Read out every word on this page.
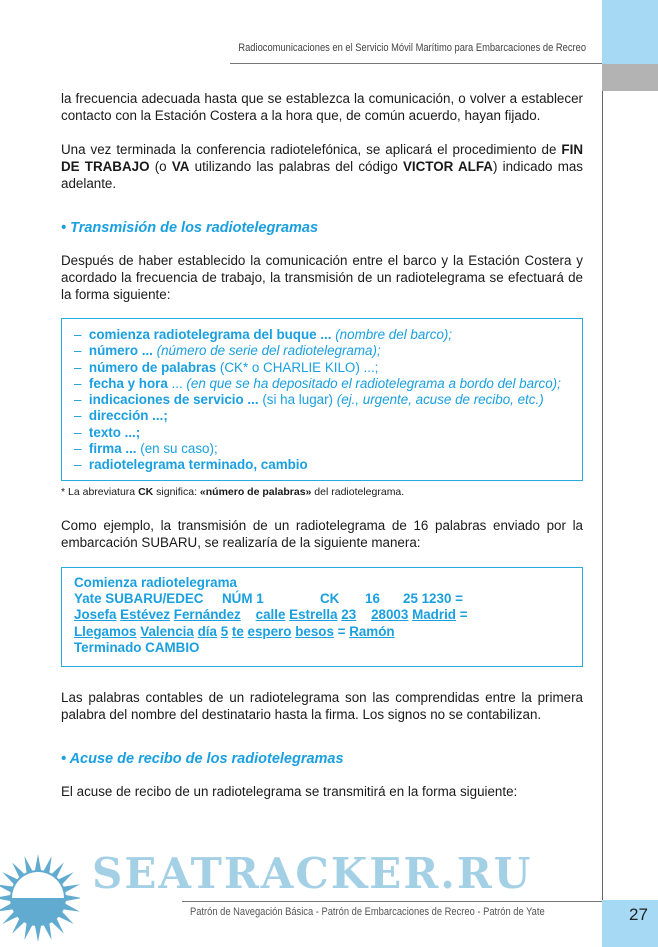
Radiocomunicaciones en el Servicio Móvil Marítimo para Embarcaciones de Recreo
la frecuencia adecuada hasta que se establezca la comunicación, o volver a establecer contacto con la Estación Costera a la hora que, de común acuerdo, hayan fijado.
Una vez terminada la conferencia radiotelefónica, se aplicará el procedimiento de FIN DE TRABAJO (o VA utilizando las palabras del código VICTOR ALFA) indicado mas adelante.
• Transmisión de los radiotelegramas
Después de haber establecido la comunicación entre el barco y la Estación Costera y acordado la frecuencia de trabajo, la transmisión de un radiotelegrama se efectuará de la forma siguiente:
– comienza radiotelegrama del buque ... (nombre del barco);
– número ... (número de serie del radiotelegrama);
– número de palabras (CK* o CHARLIE KILO) ...;
– fecha y hora ... (en que se ha depositado el radiotelegrama a bordo del barco);
– indicaciones de servicio ... (si ha lugar) (ej., urgente, acuse de recibo, etc.)
– dirección ...;
– texto ...;
– firma ... (en su caso);
– radiotelegrama terminado, cambio
* La abreviatura CK significa: «número de palabras» del radiotelegrama.
Como ejemplo, la transmisión de un radiotelegrama de 16 palabras enviado por la embarcación SUBARU, se realizaría de la siguiente manera:
Comienza radiotelegrama
Yate SUBARU/EDEC NÚM 1	CK 16 25 1230 =
Josefa Estévez Fernández calle Estrella 23 28003 Madrid =
Llegamos Valencia día 5 te espero besos = Ramón
Terminado CAMBIO
Las palabras contables de un radiotelegrama son las comprendidas entre la primera palabra del nombre del destinatario hasta la firma. Los signos no se contabilizan.
• Acuse de recibo de los radiotelegramas
El acuse de recibo de un radiotelegrama se transmitirá en la forma siguiente:
SEATRACKER.RU
Patrón de Navegación Básica - Patrón de Embarcaciones de Recreo - Patrón de Yate	27
